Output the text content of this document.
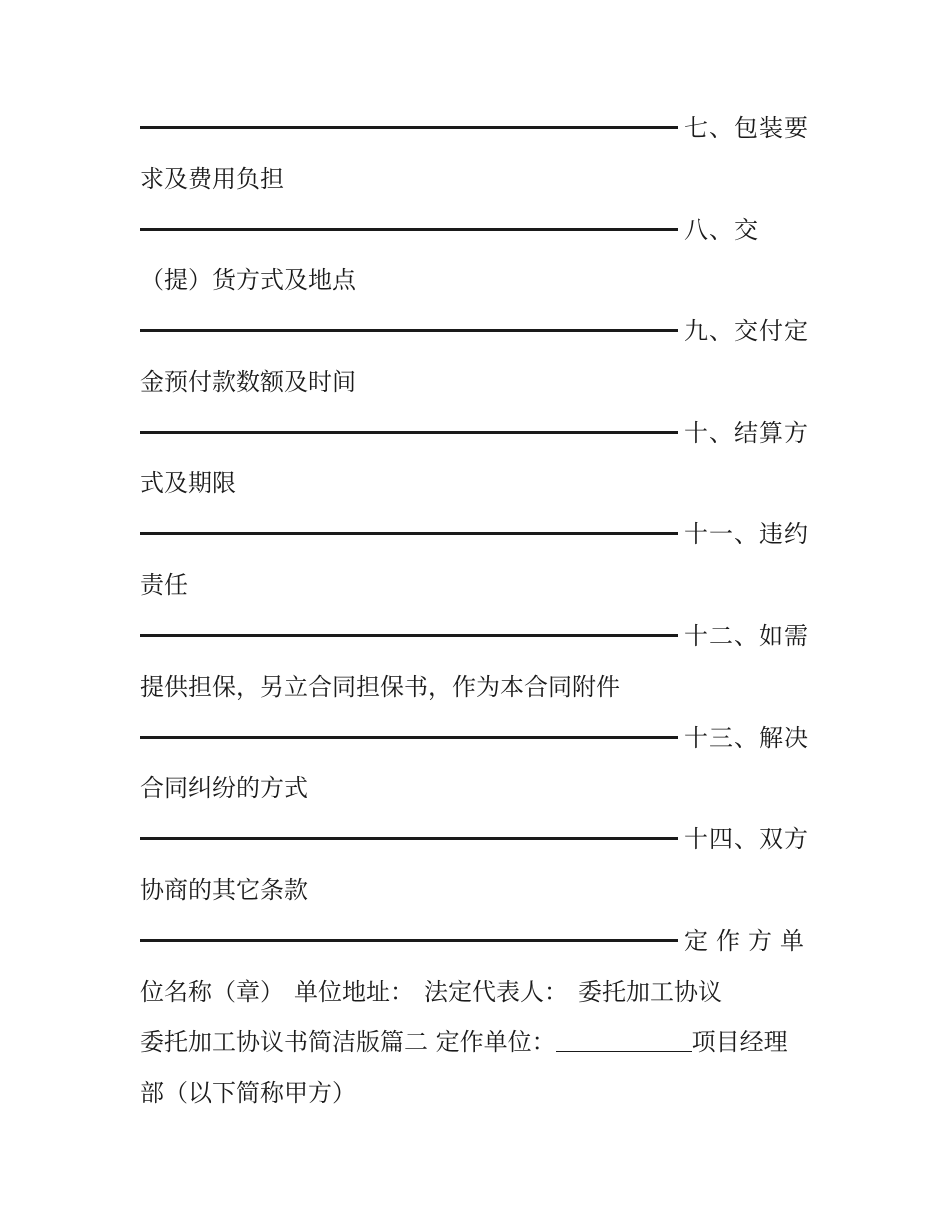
七、包装要
求及费用负担
八、交
（提）货方式及地点
九、交付定
金预付款数额及时间
十、结算方
式及期限
十一、违约
责任
十二、如需
提供担保，另立合同担保书，作为本合同附件
十三、解决
合同纠纷的方式
十四、双方
协商的其它条款
定作方单
位名称（章） 单位地址： 法定代表人： 委托加工协议
委托加工协议书简洁版篇二 定作单位：	项目经理
部（以下简称甲方）
